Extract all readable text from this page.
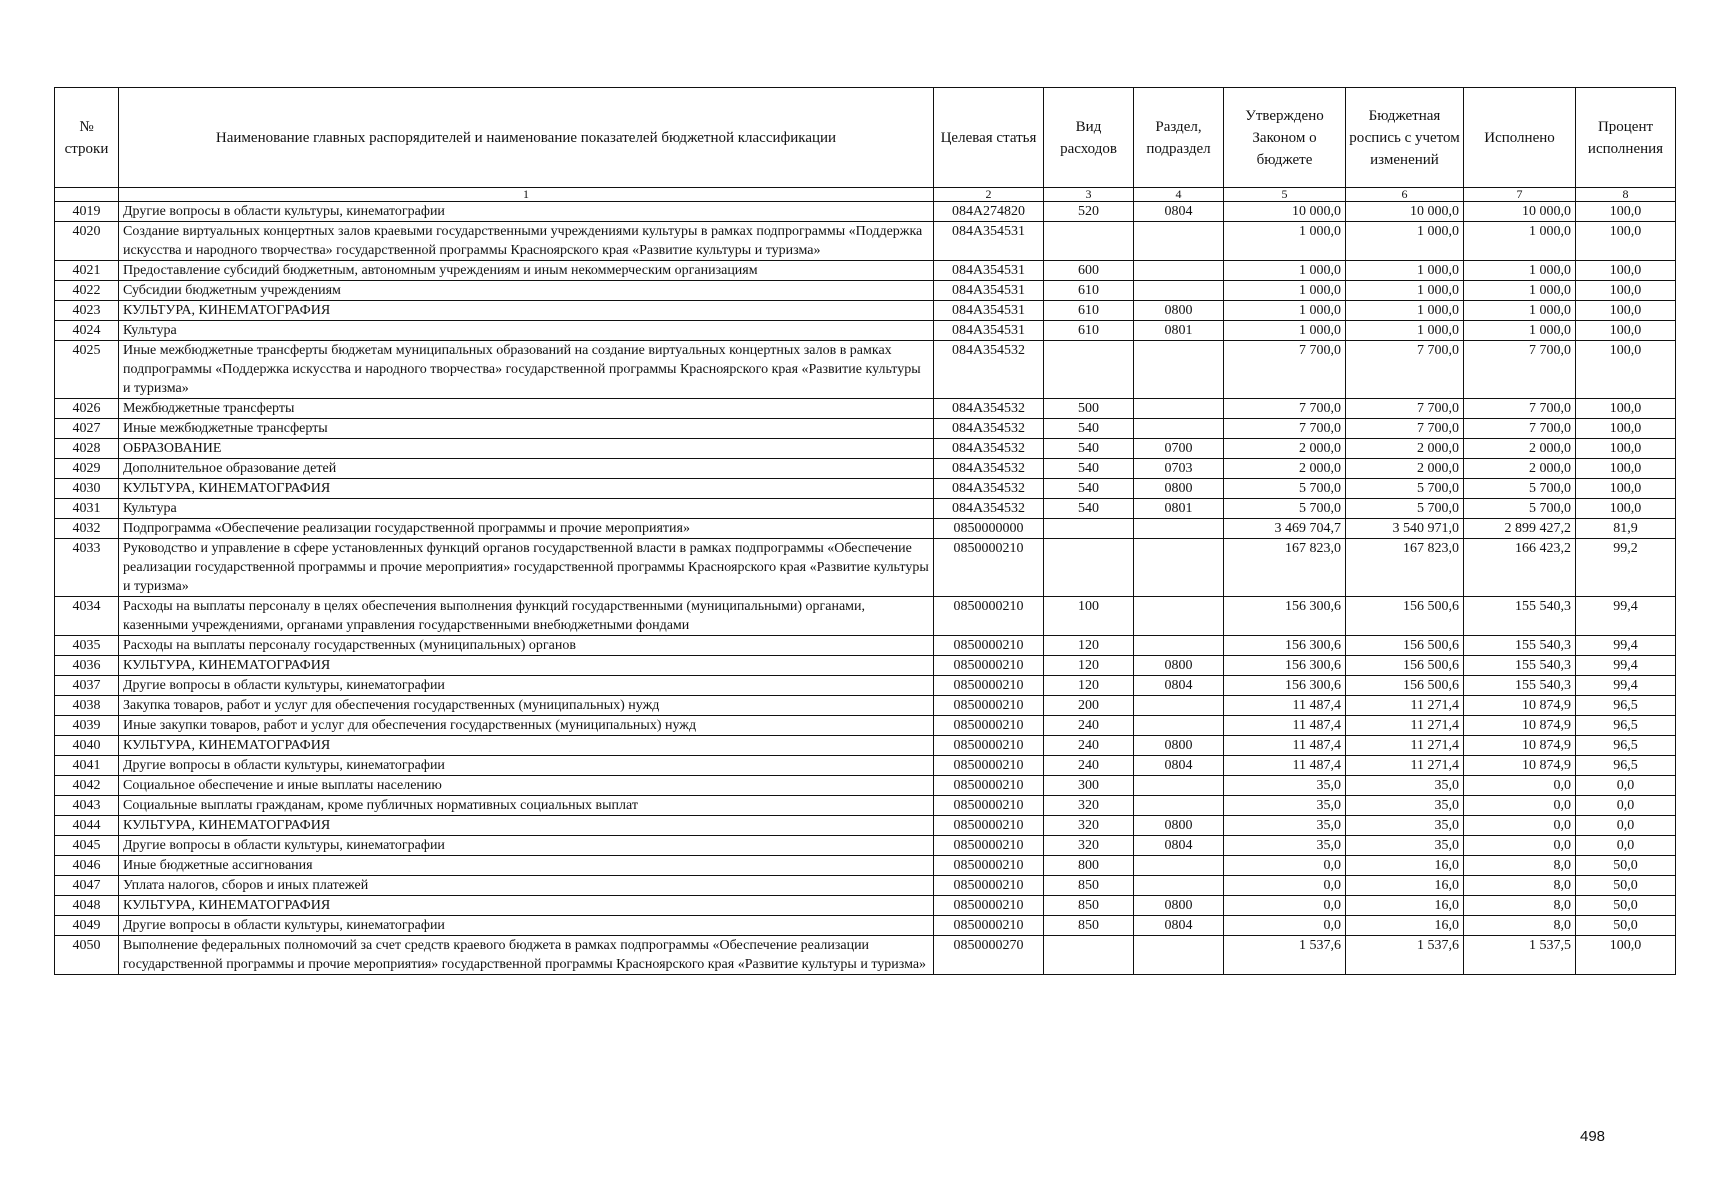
№ строки	Наименование главных распорядителей и наименование показателей бюджетной классификации	Целевая статья	Вид расходов	Раздел, подраздел	Утверждено Законом о бюджете	Бюджетная роспись с учетом изменений	Исполнено	Процент исполнения
	1	2	3	4	5	6	7	8
4019	Другие вопросы в области культуры, кинематографии	084A274820	520	0804	10 000,0	10 000,0	10 000,0	100,0
4020	Создание виртуальных концертных залов краевыми государственными учреждениями культуры в рамках подпрограммы «Поддержка искусства и народного творчества» государственной программы Красноярского края «Развитие культуры и туризма»	084A354531			1 000,0	1 000,0	1 000,0	100,0
4021	Предоставление субсидий бюджетным, автономным учреждениям и иным некоммерческим организациям	084A354531	600		1 000,0	1 000,0	1 000,0	100,0
4022	Субсидии бюджетным учреждениям	084A354531	610		1 000,0	1 000,0	1 000,0	100,0
4023	КУЛЬТУРА, КИНЕМАТОГРАФИЯ	084A354531	610	0800	1 000,0	1 000,0	1 000,0	100,0
4024	Культура	084A354531	610	0801	1 000,0	1 000,0	1 000,0	100,0
4025	Иные межбюджетные трансферты бюджетам муниципальных образований на создание виртуальных концертных залов в рамках подпрограммы «Поддержка искусства и народного творчества» государственной программы Красноярского края «Развитие культуры и туризма»	084A354532			7 700,0	7 700,0	7 700,0	100,0
4026	Межбюджетные трансферты	084A354532	500		7 700,0	7 700,0	7 700,0	100,0
4027	Иные межбюджетные трансферты	084A354532	540		7 700,0	7 700,0	7 700,0	100,0
4028	ОБРАЗОВАНИЕ	084A354532	540	0700	2 000,0	2 000,0	2 000,0	100,0
4029	Дополнительное образование детей	084A354532	540	0703	2 000,0	2 000,0	2 000,0	100,0
4030	КУЛЬТУРА, КИНЕМАТОГРАФИЯ	084A354532	540	0800	5 700,0	5 700,0	5 700,0	100,0
4031	Культура	084A354532	540	0801	5 700,0	5 700,0	5 700,0	100,0
4032	Подпрограмма «Обеспечение реализации государственной программы и прочие мероприятия»	0850000000			3 469 704,7	3 540 971,0	2 899 427,2	81,9
4033	Руководство и управление в сфере установленных функций органов государственной власти в рамках подпрограммы «Обеспечение реализации государственной программы и прочие мероприятия» государственной программы Красноярского края «Развитие культуры и туризма»	0850000210			167 823,0	167 823,0	166 423,2	99,2
4034	Расходы на выплаты персоналу в целях обеспечения выполнения функций государственными (муниципальными) органами, казенными учреждениями, органами управления государственными внебюджетными фондами	0850000210	100		156 300,6	156 500,6	155 540,3	99,4
4035	Расходы на выплаты персоналу государственных (муниципальных) органов	0850000210	120		156 300,6	156 500,6	155 540,3	99,4
4036	КУЛЬТУРА, КИНЕМАТОГРАФИЯ	0850000210	120	0800	156 300,6	156 500,6	155 540,3	99,4
4037	Другие вопросы в области культуры, кинематографии	0850000210	120	0804	156 300,6	156 500,6	155 540,3	99,4
4038	Закупка товаров, работ и услуг для обеспечения государственных (муниципальных) нужд	0850000210	200		11 487,4	11 271,4	10 874,9	96,5
4039	Иные закупки товаров, работ и услуг для обеспечения государственных (муниципальных) нужд	0850000210	240		11 487,4	11 271,4	10 874,9	96,5
4040	КУЛЬТУРА, КИНЕМАТОГРАФИЯ	0850000210	240	0800	11 487,4	11 271,4	10 874,9	96,5
4041	Другие вопросы в области культуры, кинематографии	0850000210	240	0804	11 487,4	11 271,4	10 874,9	96,5
4042	Социальное обеспечение и иные выплаты населению	0850000210	300		35,0	35,0	0,0	0,0
4043	Социальные выплаты гражданам, кроме публичных нормативных социальных выплат	0850000210	320		35,0	35,0	0,0	0,0
4044	КУЛЬТУРА, КИНЕМАТОГРАФИЯ	0850000210	320	0800	35,0	35,0	0,0	0,0
4045	Другие вопросы в области культуры, кинематографии	0850000210	320	0804	35,0	35,0	0,0	0,0
4046	Иные бюджетные ассигнования	0850000210	800		0,0	16,0	8,0	50,0
4047	Уплата налогов, сборов и иных платежей	0850000210	850		0,0	16,0	8,0	50,0
4048	КУЛЬТУРА, КИНЕМАТОГРАФИЯ	0850000210	850	0800	0,0	16,0	8,0	50,0
4049	Другие вопросы в области культуры, кинематографии	0850000210	850	0804	0,0	16,0	8,0	50,0
4050	Выполнение федеральных полномочий за счет средств краевого бюджета в рамках подпрограммы «Обеспечение реализации государственной программы и прочие мероприятия» государственной программы Красноярского края «Развитие культуры и туризма»	0850000270			1 537,6	1 537,6	1 537,5	100,0
498
